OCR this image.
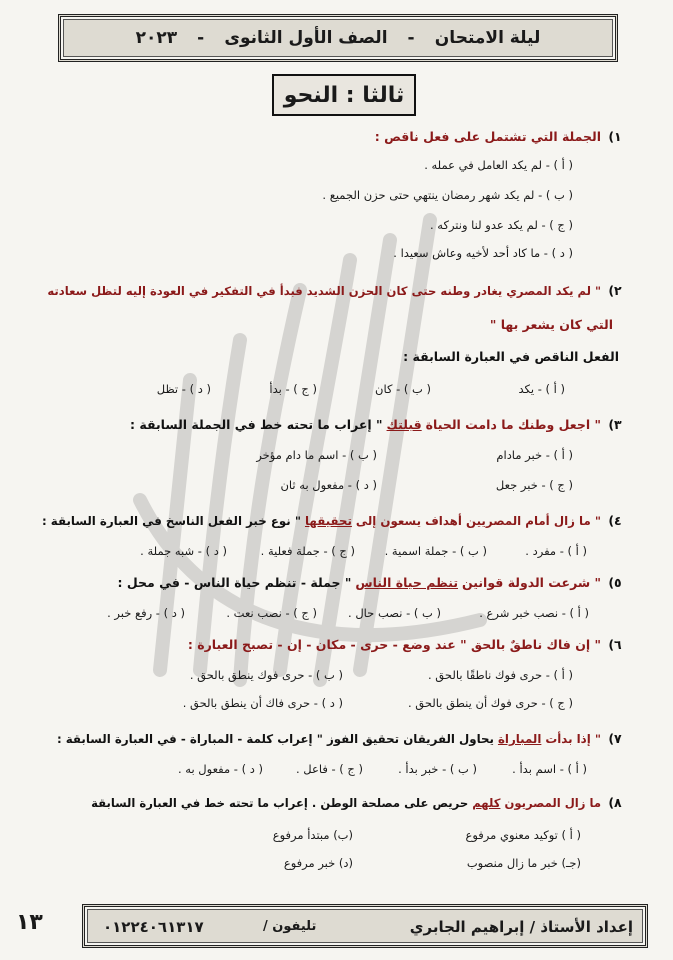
ليلة الامتحان
-
الصف الأول الثانوى
-
٢٠٢٣
ثالثا : النحو
١) الجملة التي تشتمل على فعل ناقص :
( أ ) - لم يكد العامل في عمله .
( ب ) - لم يكد شهر رمضان ينتهي حتى حزن الجميع .
( ج ) - لم يكد عدو لنا ونتركه .
( د ) - ما كاد أحد لأخيه وعاش سعيدا .
٢) " لم يكد المصري يغادر وطنه حتى كان الحزن الشديد فبدأ في التفكير في العودة إليه لتظل سعادته
التي كان يشعر بها "
الفعل الناقص في العبارة السابقة :
( أ ) - يكد
( ب ) - كان
( ج ) - بدأ
( د ) - تظل
٣) " اجعل وطنك ما دامت الحياة قبلتك " إعراب ما تحته خط في الجملة السابقة :
( أ ) - خبر مادام
( ب ) - اسم ما دام مؤخر
( ج ) - خبر جعل
( د ) - مفعول به ثان
٤) " ما زال أمام المصريين أهداف يسعون إلى تحقيقها " نوع خبر الفعل الناسخ في العبارة السابقة :
( أ ) - مفرد .
( ب ) - جملة اسمية .
( ج ) - جملة فعلية .
( د ) - شبه جملة .
٥) " شرعت الدولة قوانين تنظم حياة الناس " جملة - تنظم حياة الناس - في محل :
( أ ) - نصب خبر شرع .
( ب ) - نصب حال .
( ج ) - نصب نعت .
( د ) - رفع خبر .
٦) " إن فاك ناطقٌ بالحق " عند وضع - حرى - مكان - إن - تصبح العبارة :
( أ ) - حرى فوك ناطقًا بالحق .
( ب ) - حرى فوك ينطق بالحق .
( ج ) - حرى فوك أن ينطق بالحق .
( د ) - حرى فاك أن ينطق بالحق .
٧) " إذا بدأت المباراة يحاول الفريقان تحقيق الفوز " إعراب كلمة - المباراة - في العبارة السابقة :
( أ ) - اسم بدأ .
( ب ) - خبر بدأ .
( ج ) - فاعل .
( د ) - مفعول به .
٨) ما زال المصريون كلهم حريص على مصلحة الوطن . إعراب ما تحته خط في العبارة السابقة
( أ ) توكيد معنوي مرفوع
(ب) مبتدأ مرفوع
(جـ) خبر ما زال منصوب
(د) خبر مرفوع
إعداد الأستاذ / إبراهيم الجابري
تليفون /
٠١٢٢٤٠٦١٣١٧
١٣
